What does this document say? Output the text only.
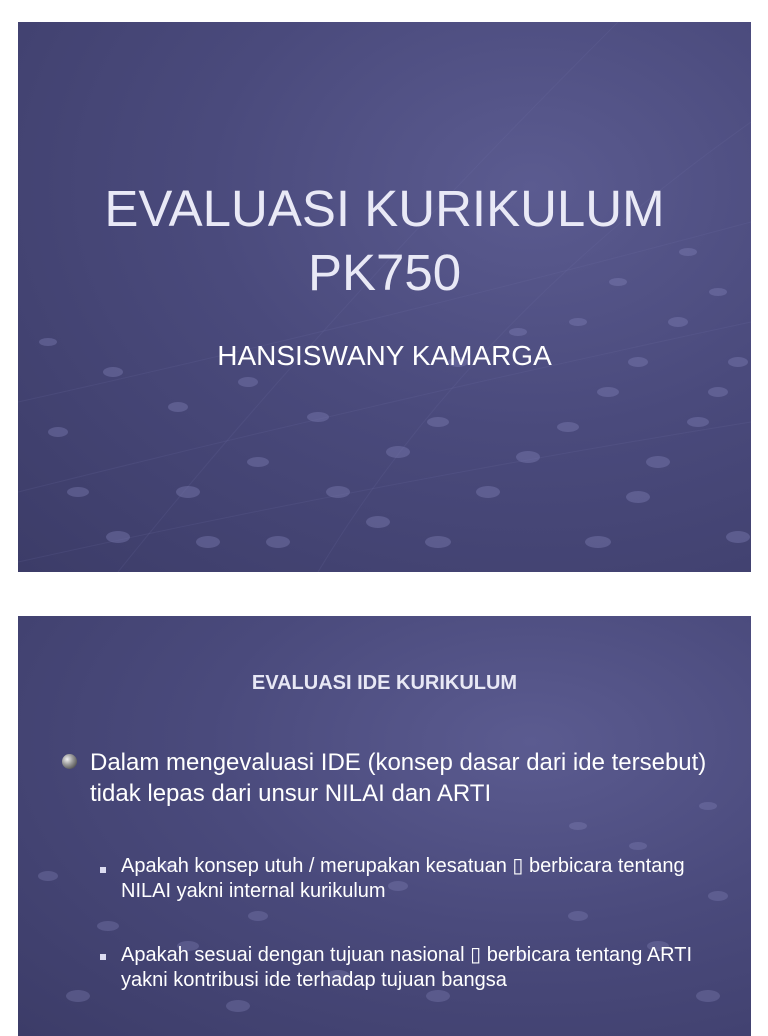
EVALUASI KURIKULUM
PK750
HANSISWANY KAMARGA
EVALUASI IDE KURIKULUM
Dalam mengevaluasi IDE (konsep dasar dari ide tersebut) tidak lepas dari unsur NILAI dan ARTI
Apakah konsep utuh / merupakan kesatuan ▯ berbicara tentang NILAI yakni internal kurikulum
Apakah sesuai dengan tujuan nasional ▯ berbicara tentang ARTI yakni kontribusi ide terhadap tujuan bangsa
